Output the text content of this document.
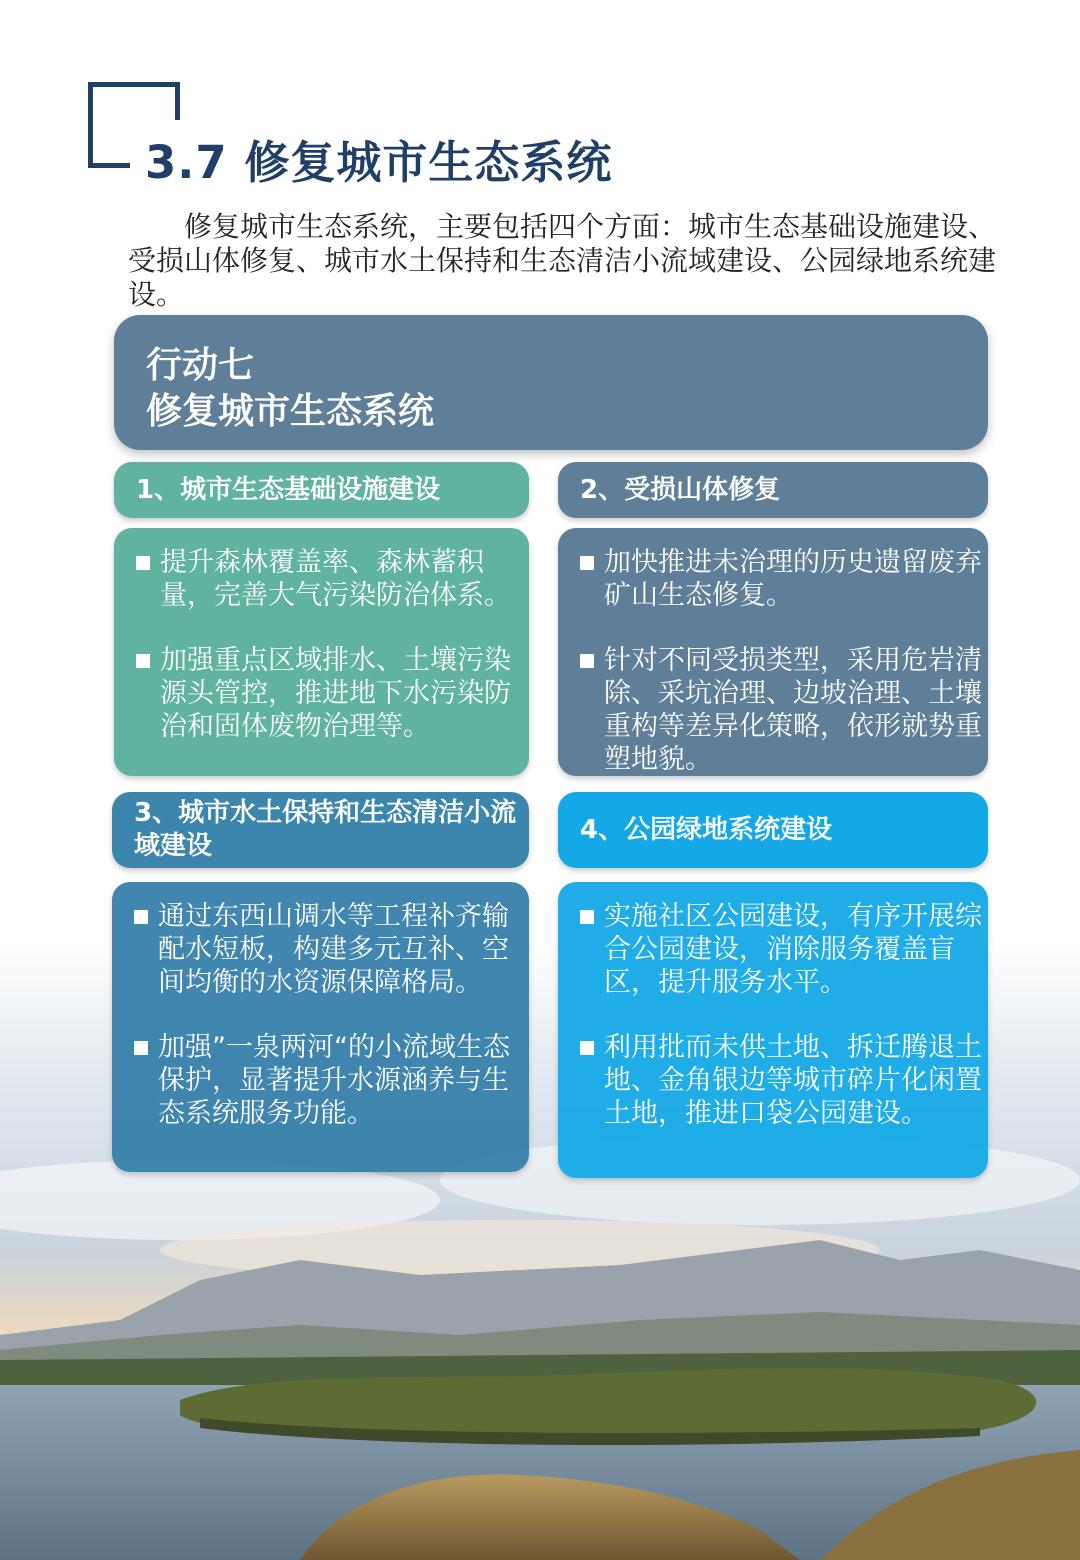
3.7 修复城市生态系统

修复城市生态系统，主要包括四个方面：城市生态基础设施建设、受损山体修复、城市水土保持和生态清洁小流域建设、公园绿地系统建设。

行动七
修复城市生态系统
1、城市生态基础设施建设
提升森林覆盖率、森林蓄积量，完善大气污染防治体系。
加强重点区域排水、土壤污染源头管控，推进地下水污染防治和固体废物治理等。
2、受损山体修复
加快推进未治理的历史遗留废弃矿山生态修复。
针对不同受损类型，采用危岩清除、采坑治理、边坡治理、土壤重构等差异化策略，依形就势重塑地貌。
3、城市水土保持和生态清洁小流域建设
通过东西山调水等工程补齐输配水短板，构建多元互补、空间均衡的水资源保障格局。
加强”一泉两河“的小流域生态保护，显著提升水源涵养与生态系统服务功能。
4、公园绿地系统建设
实施社区公园建设，有序开展综合公园建设，消除服务覆盖盲区，提升服务水平。
利用批而未供土地、拆迁腾退土地、金角银边等城市碎片化闲置土地，推进口袋公园建设。
